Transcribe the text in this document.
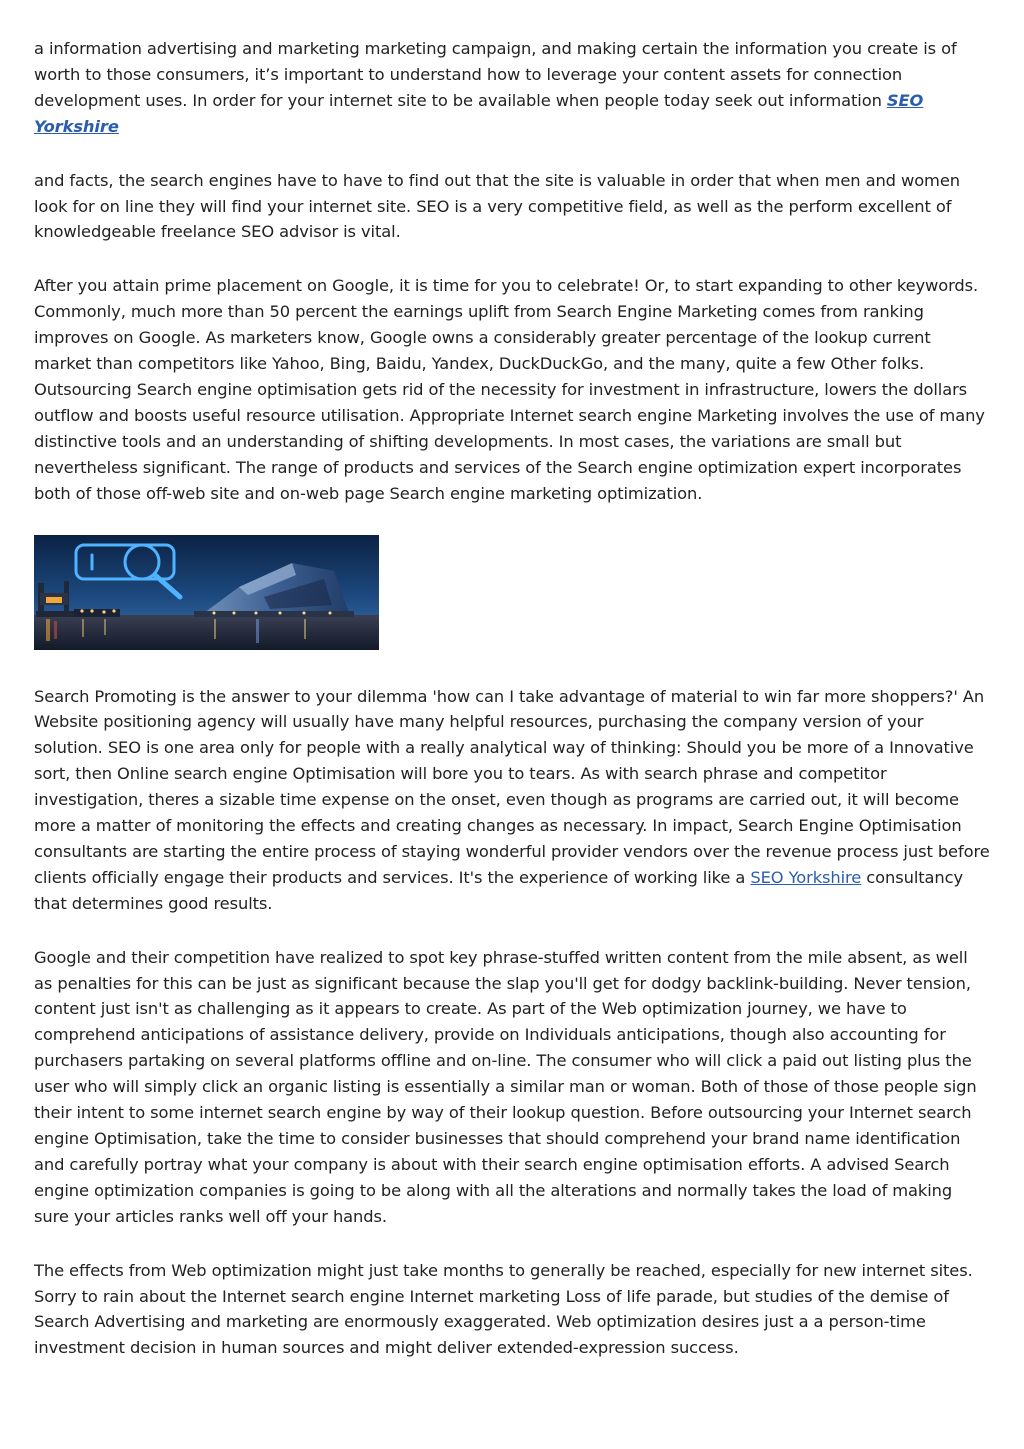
a information advertising and marketing marketing campaign, and making certain the information you create is of worth to those consumers, it’s important to understand how to leverage your content assets for connection development uses. In order for your internet site to be available when people today seek out information SEO Yorkshire

and facts, the search engines have to have to find out that the site is valuable in order that when men and women look for on line they will find your internet site. SEO is a very competitive field, as well as the perform excellent of knowledgeable freelance SEO advisor is vital.

After you attain prime placement on Google, it is time for you to celebrate! Or, to start expanding to other keywords. Commonly, much more than 50 percent the earnings uplift from Search Engine Marketing comes from ranking improves on Google. As marketers know, Google owns a considerably greater percentage of the lookup current market than competitors like Yahoo, Bing, Baidu, Yandex, DuckDuckGo, and the many, quite a few Other folks. Outsourcing Search engine optimisation gets rid of the necessity for investment in infrastructure, lowers the dollars outflow and boosts useful resource utilisation. Appropriate Internet search engine Marketing involves the use of many distinctive tools and an understanding of shifting developments. In most cases, the variations are small but nevertheless significant. The range of products and services of the Search engine optimization expert incorporates both of those off-web site and on-web page Search engine marketing optimization.

Search Promoting is the answer to your dilemma 'how can I take advantage of material to win far more shoppers?' An Website positioning agency will usually have many helpful resources, purchasing the company version of your solution. SEO is one area only for people with a really analytical way of thinking: Should you be more of a Innovative sort, then Online search engine Optimisation will bore you to tears. As with search phrase and competitor investigation, theres a sizable time expense on the onset, even though as programs are carried out, it will become more a matter of monitoring the effects and creating changes as necessary. In impact, Search Engine Optimisation consultants are starting the entire process of staying wonderful provider vendors over the revenue process just before clients officially engage their products and services. It's the experience of working like a SEO Yorkshire consultancy that determines good results.

Google and their competition have realized to spot key phrase-stuffed written content from the mile absent, as well as penalties for this can be just as significant because the slap you'll get for dodgy backlink-building. Never tension, content just isn't as challenging as it appears to create. As part of the Web optimization journey, we have to comprehend anticipations of assistance delivery, provide on Individuals anticipations, though also accounting for purchasers partaking on several platforms offline and on-line. The consumer who will click a paid out listing plus the user who will simply click an organic listing is essentially a similar man or woman. Both of those of those people sign their intent to some internet search engine by way of their lookup question. Before outsourcing your Internet search engine Optimisation, take the time to consider businesses that should comprehend your brand name identification and carefully portray what your company is about with their search engine optimisation efforts. A advised Search engine optimization companies is going to be along with all the alterations and normally takes the load of making sure your articles ranks well off your hands.

The effects from Web optimization might just take months to generally be reached, especially for new internet sites. Sorry to rain about the Internet search engine Internet marketing Loss of life parade, but studies of the demise of Search Advertising and marketing are enormously exaggerated. Web optimization desires just a a person-time investment decision in human sources and might deliver extended-expression success.
